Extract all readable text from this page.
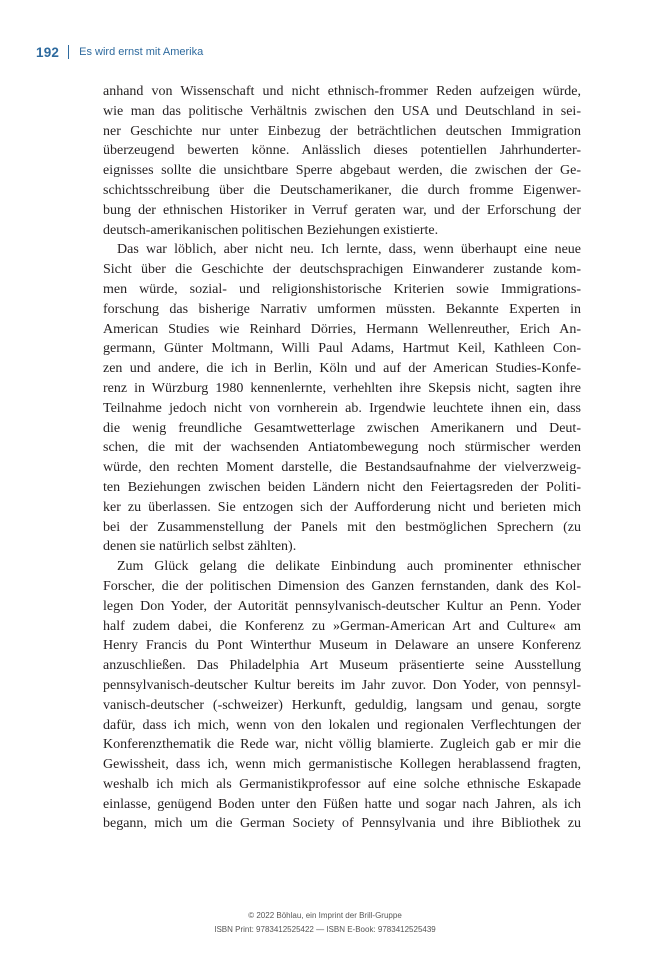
192 Es wird ernst mit Amerika
anhand von Wissenschaft und nicht ethnisch-frommer Reden aufzeigen würde,
wie man das politische Verhältnis zwischen den USA und Deutschland in sei-
ner Geschichte nur unter Einbezug der beträchtlichen deutschen Immigration
überzeugend bewerten könne. Anlässlich dieses potentiellen Jahrhunderter-
eignisses sollte die unsichtbare Sperre abgebaut werden, die zwischen der Ge-
schichtsschreibung über die Deutschamerikaner, die durch fromme Eigenwer-
bung der ethnischen Historiker in Verruf geraten war, und der Erforschung der
deutsch-amerikanischen politischen Beziehungen existierte.
Das war löblich, aber nicht neu. Ich lernte, dass, wenn überhaupt eine neue
Sicht über die Geschichte der deutschsprachigen Einwanderer zustande kom-
men würde, sozial- und religionshistorische Kriterien sowie Immigrations-
forschung das bisherige Narrativ umformen müssten. Bekannte Experten in
American Studies wie Reinhard Dörries, Hermann Wellenreuther, Erich An-
germann, Günter Moltmann, Willi Paul Adams, Hartmut Keil, Kathleen Con-
zen und andere, die ich in Berlin, Köln und auf der American Studies-Konfe-
renz in Würzburg 1980 kennenlernte, verhehlten ihre Skepsis nicht, sagten ihre
Teilnahme jedoch nicht von vornherein ab. Irgendwie leuchtete ihnen ein, dass
die wenig freundliche Gesamtwetterlage zwischen Amerikanern und Deut-
schen, die mit der wachsenden Antiatombewegung noch stürmischer werden
würde, den rechten Moment darstelle, die Bestandsaufnahme der vielverzweig-
ten Beziehungen zwischen beiden Ländern nicht den Feiertagsreden der Politi-
ker zu überlassen. Sie entzogen sich der Aufforderung nicht und berieten mich
bei der Zusammenstellung der Panels mit den bestmöglichen Sprechern (zu
denen sie natürlich selbst zählten).
Zum Glück gelang die delikate Einbindung auch prominenter ethnischer
Forscher, die der politischen Dimension des Ganzen fernstanden, dank des Kol-
legen Don Yoder, der Autorität pennsylvanisch-deutscher Kultur an Penn. Yoder
half zudem dabei, die Konferenz zu »German-American Art and Culture« am
Henry Francis du Pont Winterthur Museum in Delaware an unsere Konferenz
anzuschließen. Das Philadelphia Art Museum präsentierte seine Ausstellung
pennsylvanisch-deutscher Kultur bereits im Jahr zuvor. Don Yoder, von pennsyl-
vanisch-deutscher (-schweizer) Herkunft, geduldig, langsam und genau, sorgte
dafür, dass ich mich, wenn von den lokalen und regionalen Verflechtungen der
Konferenzthematik die Rede war, nicht völlig blamierte. Zugleich gab er mir die
Gewissheit, dass ich, wenn mich germanistische Kollegen herablassend fragten,
weshalb ich mich als Germanistikprofessor auf eine solche ethnische Eskapade
einlasse, genügend Boden unter den Füßen hatte und sogar nach Jahren, als ich
begann, mich um die German Society of Pennsylvania und ihre Bibliothek zu
© 2022 Böhlau, ein Imprint der Brill-Gruppe
ISBN Print: 9783412525422 — ISBN E-Book: 9783412525439
